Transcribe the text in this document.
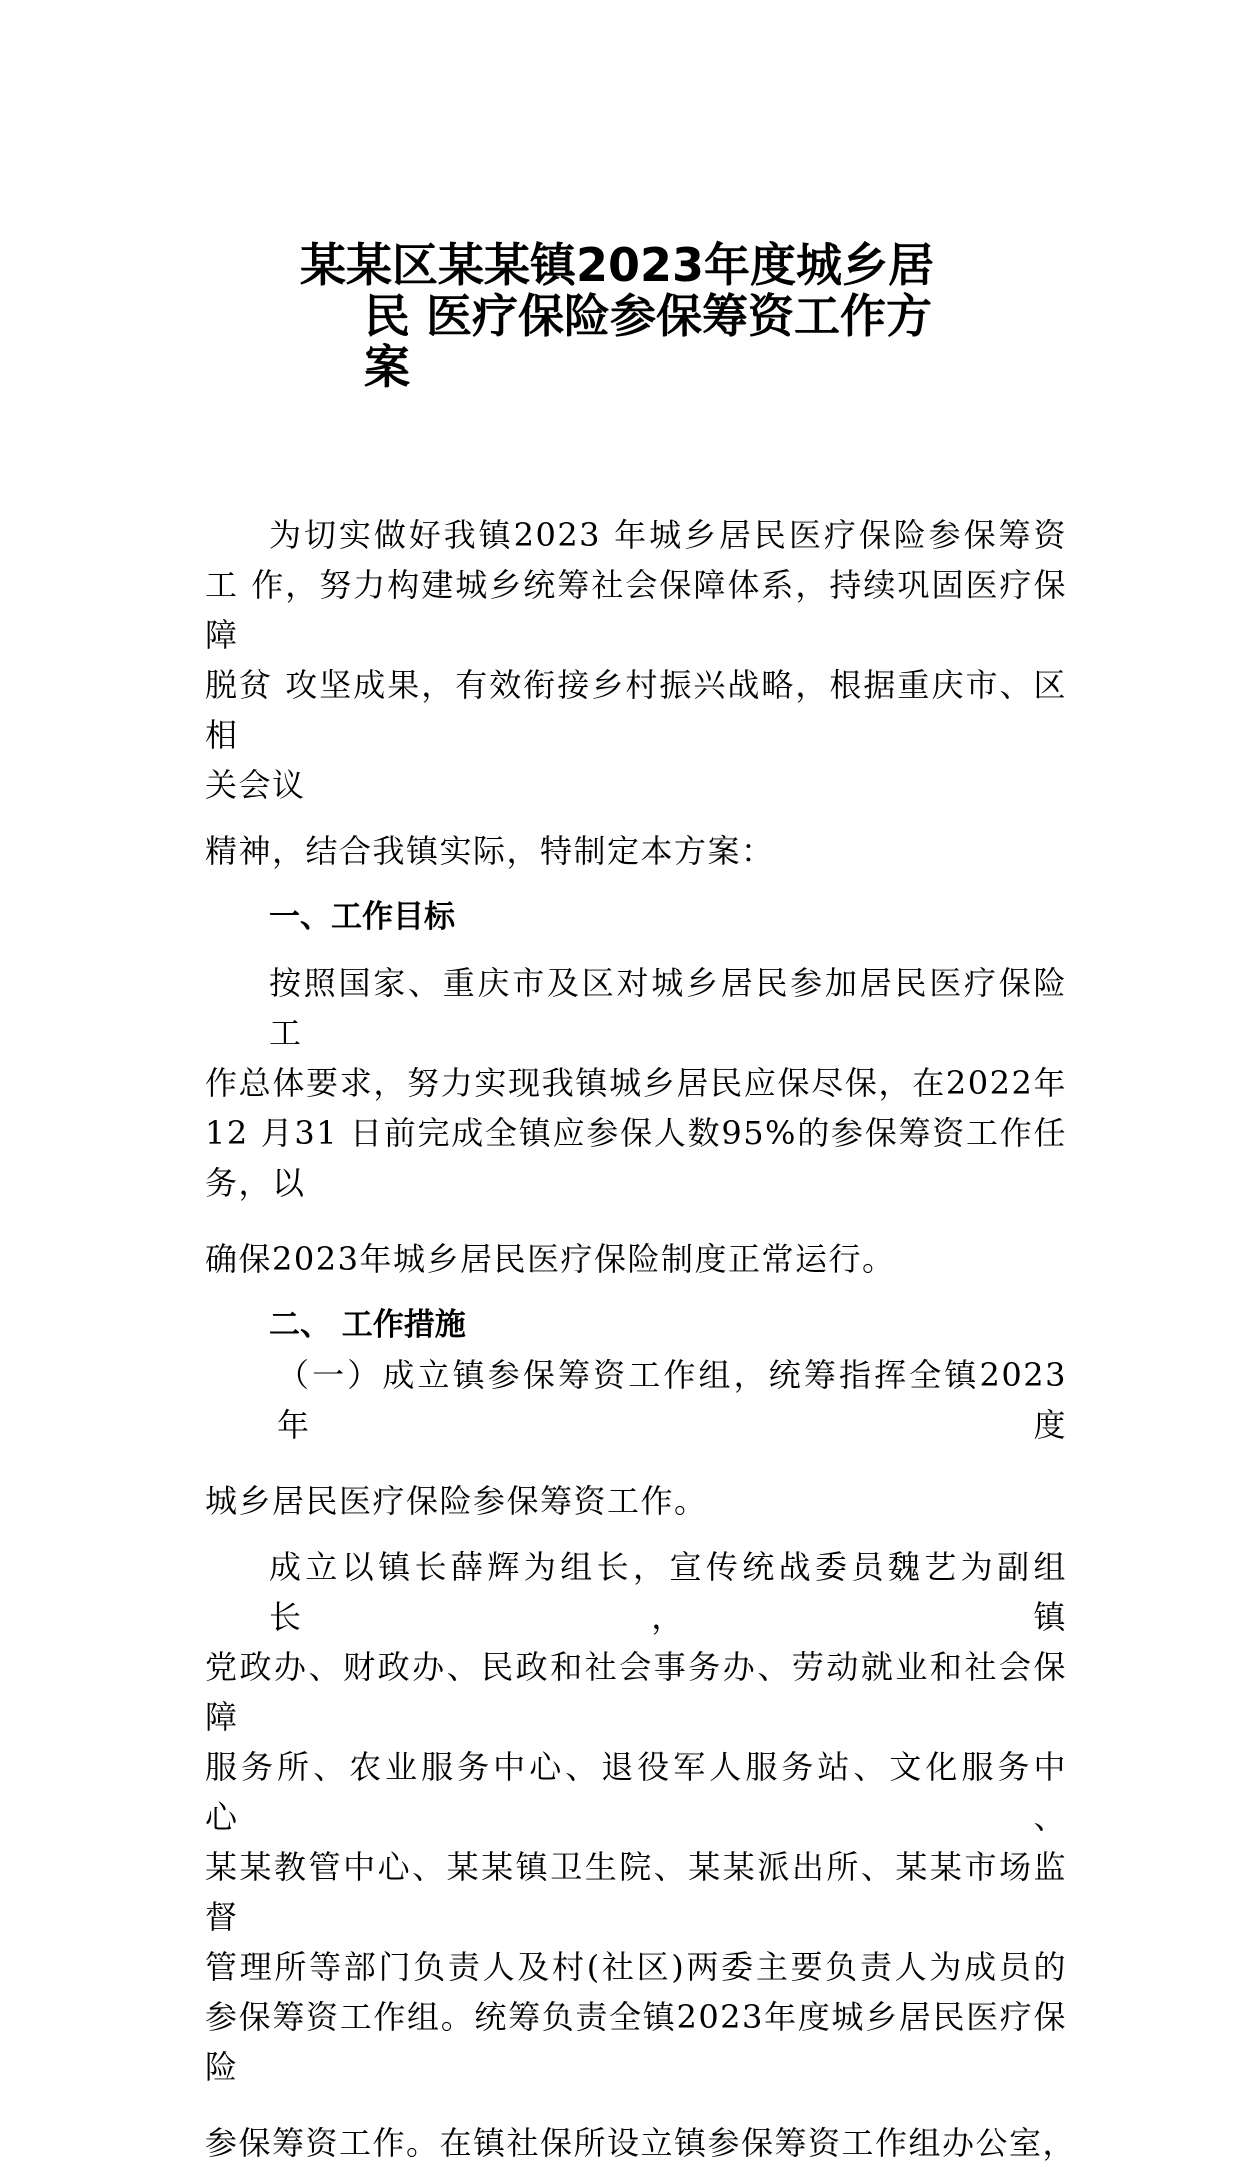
某某区某某镇2023年度城乡居
民 医疗保险参保筹资工作方
案

为切实做好我镇2023 年城乡居民医疗保险参保筹资
工 作，努力构建城乡统筹社会保障体系，持续巩固医疗保障
脱贫 攻坚成果，有效衔接乡村振兴战略，根据重庆市、区相
关会议

精神，结合我镇实际，特制定本方案：

一、工作目标

按照国家、重庆市及区对城乡居民参加居民医疗保险工
作总体要求，努力实现我镇城乡居民应保尽保，在2022年
12 月31 日前完成全镇应参保人数95%的参保筹资工作任
务，以

确保2023年城乡居民医疗保险制度正常运行。

二、 工作措施

（一）成立镇参保筹资工作组，统筹指挥全镇2023年度

城乡居民医疗保险参保筹资工作。

成立以镇长薛辉为组长，宣传统战委员魏艺为副组长，镇
党政办、财政办、民政和社会事务办、劳动就业和社会保障
服务所、农业服务中心、退役军人服务站、文化服务中心、
某某教管中心、某某镇卫生院、某某派出所、某某市场监督
管理所等部门负责人及村(社区)两委主要负责人为成员的
参保筹资工作组。统筹负责全镇2023年度城乡居民医疗保
险

参保筹资工作。在镇社保所设立镇参保筹资工作组办公室，
